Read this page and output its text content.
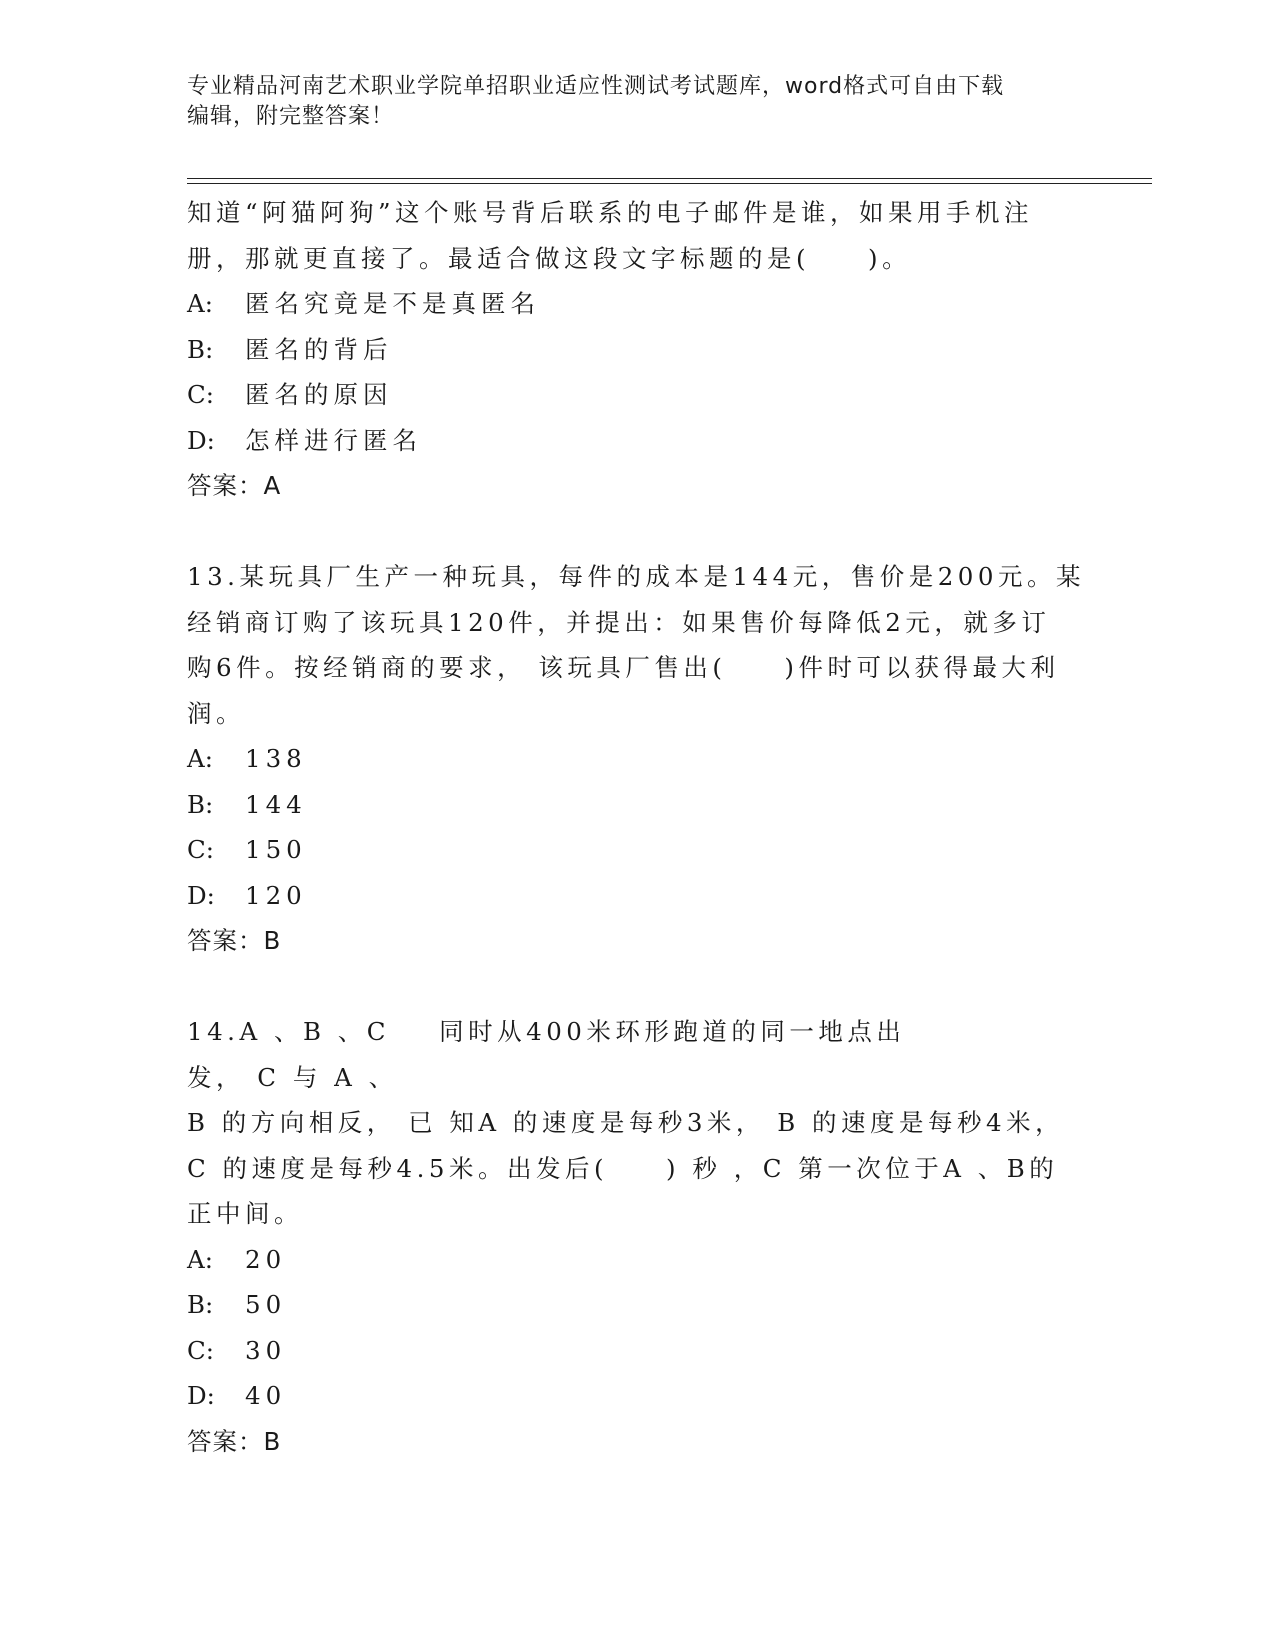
专业精品河南艺术职业学院单招职业适应性测试考试题库，word格式可自由下载
编辑，附完整答案！

知道“阿猫阿狗”这个账号背后联系的电子邮件是谁，如果用手机注

册，那就更直接了。最适合做这段文字标题的是(　　)。

A:	匿名究竟是不是真匿名
B:	匿名的背后
C:	匿名的原因
D:	怎样进行匿名

答案：A

13.某玩具厂生产一种玩具，每件的成本是144元，售价是200元。某

经销商订购了该玩具120件，并提出：如果售价每降低2元，就多订

购6件。按经销商的要求， 该玩具厂售出(　　)件时可以获得最大利

润。

A:	138
B:	144
C:	150
D:	120

答案：B

14.A 、B 、C    同时从400米环形跑道的同一地点出发， C 与 A 、

B 的方向相反， 已 知A 的速度是每秒3米， B 的速度是每秒4米，

C 的速度是每秒4.5米。出发后(　　) 秒 ，C 第一次位于A 、B的

正中间。

A:	20
B:	50
C:	30
D:	40

答案：B
